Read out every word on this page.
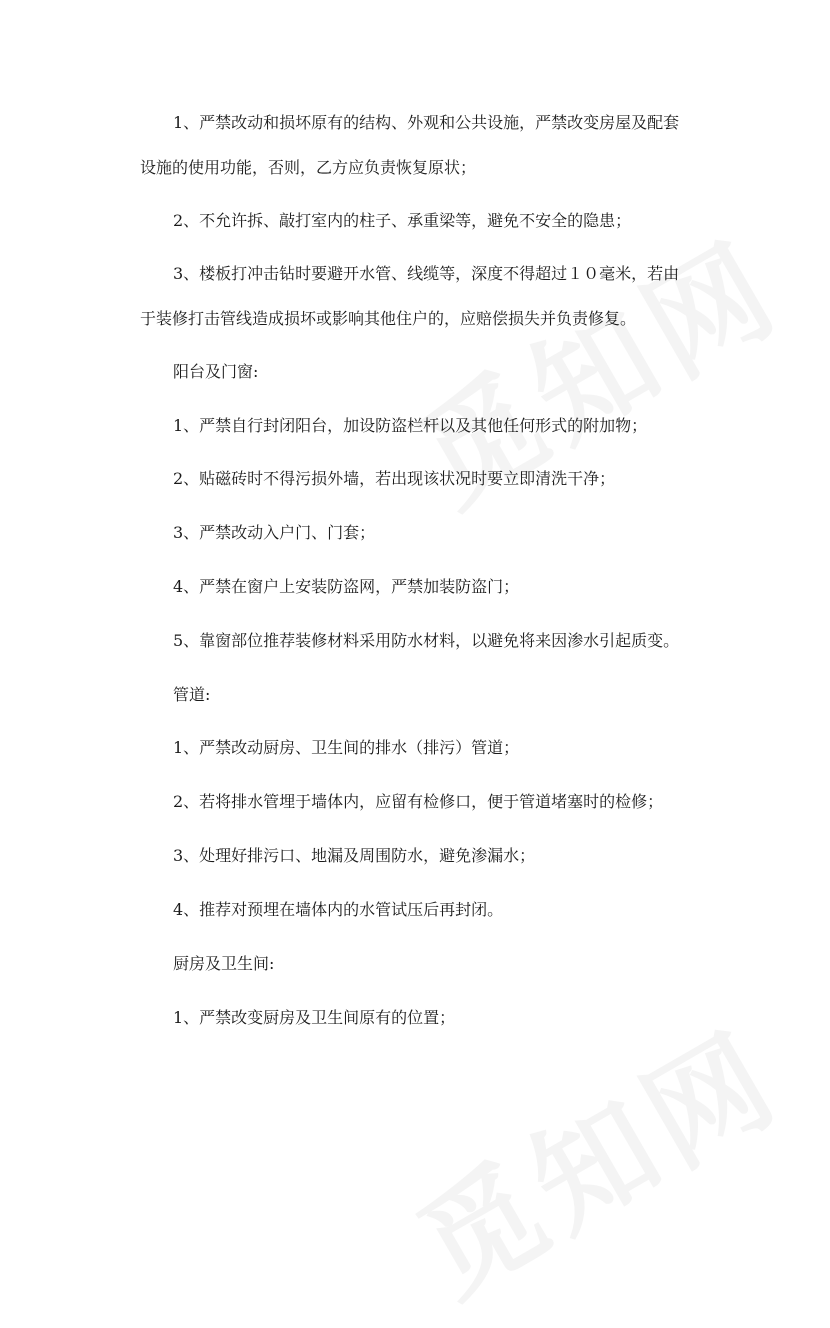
1、严禁改动和损坏原有的结构、外观和公共设施，严禁改变房屋及配套
设施的使用功能，否则，乙方应负责恢复原状；
2、不允许拆、敲打室内的柱子、承重梁等，避免不安全的隐患；
3、楼板打冲击钻时要避开水管、线缆等，深度不得超过１０毫米，若由
于装修打击管线造成损坏或影响其他住户的，应赔偿损失并负责修复。
阳台及门窗:
1、严禁自行封闭阳台，加设防盗栏杆以及其他任何形式的附加物；
2、贴磁砖时不得污损外墙，若出现该状况时要立即清洗干净；
3、严禁改动入户门、门套；
4、严禁在窗户上安装防盗网，严禁加装防盗门；
5、靠窗部位推荐装修材料采用防水材料，以避免将来因渗水引起质变。
管道:
1、严禁改动厨房、卫生间的排水（排污）管道；
2、若将排水管埋于墙体内，应留有检修口，便于管道堵塞时的检修；
3、处理好排污口、地漏及周围防水，避免渗漏水；
4、推荐对预埋在墙体内的水管试压后再封闭。
厨房及卫生间:
1、严禁改变厨房及卫生间原有的位置；
